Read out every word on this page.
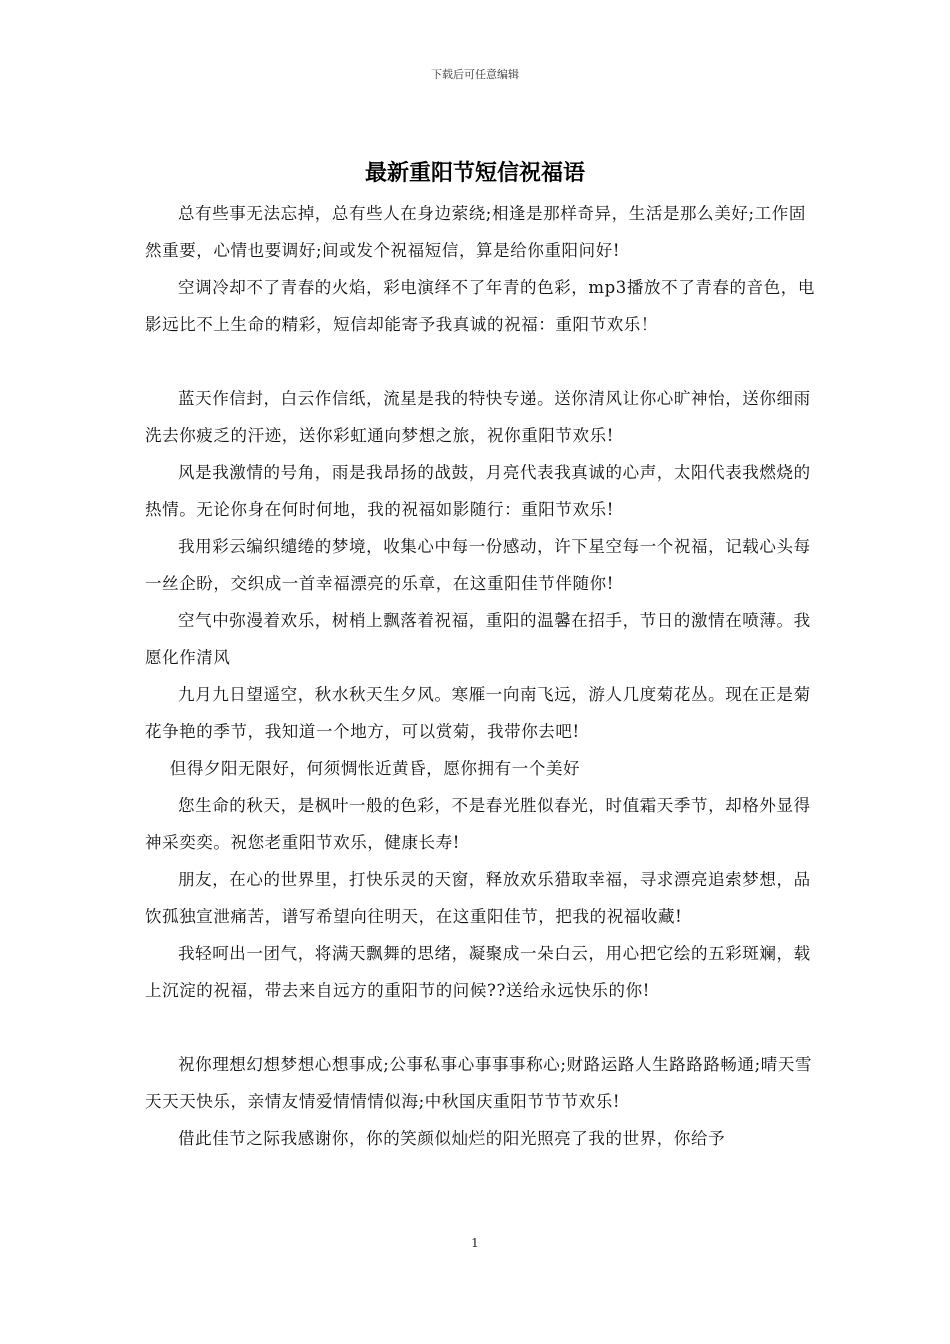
下载后可任意编辑
最新重阳节短信祝福语

总有些事无法忘掉，总有些人在身边萦绕;相逢是那样奇异，生活是那么美好;工作固然重要，心情也要调好;间或发个祝福短信，算是给你重阳问好!

空调冷却不了青春的火焰，彩电演绎不了年青的色彩，mp3播放不了青春的音色，电影远比不上生命的精彩，短信却能寄予我真诚的祝福：重阳节欢乐！

蓝天作信封，白云作信纸，流星是我的特快专递。送你清风让你心旷神怡，送你细雨洗去你疲乏的汗迹，送你彩虹通向梦想之旅，祝你重阳节欢乐!

风是我激情的号角，雨是我昂扬的战鼓，月亮代表我真诚的心声，太阳代表我燃烧的热情。无论你身在何时何地，我的祝福如影随行：重阳节欢乐!

我用彩云编织缱绻的梦境，收集心中每一份感动，许下星空每一个祝福，记载心头每一丝企盼，交织成一首幸福漂亮的乐章，在这重阳佳节伴随你!

空气中弥漫着欢乐，树梢上飘落着祝福，重阳的温馨在招手，节日的激情在喷薄。我愿化作清风

九月九日望遥空，秋水秋天生夕风。寒雁一向南飞远，游人几度菊花丛。现在正是菊花争艳的季节，我知道一个地方，可以赏菊，我带你去吧!

但得夕阳无限好，何须惆怅近黄昏，愿你拥有一个美好

您生命的秋天，是枫叶一般的色彩，不是春光胜似春光，时值霜天季节，却格外显得神采奕奕。祝您老重阳节欢乐，健康长寿!

朋友，在心的世界里，打快乐灵的天窗，释放欢乐猎取幸福，寻求漂亮追索梦想，品饮孤独宣泄痛苦，谱写希望向往明天，在这重阳佳节，把我的祝福收藏!

我轻呵出一团气，将满天飘舞的思绪，凝聚成一朵白云，用心把它绘的五彩斑斓，载上沉淀的祝福，带去来自远方的重阳节的问候??送给永远快乐的你!

祝你理想幻想梦想心想事成;公事私事心事事事称心;财路运路人生路路路畅通;晴天雪天天天快乐，亲情友情爱情情情似海;中秋国庆重阳节节节欢乐!

借此佳节之际我感谢你，你的笑颜似灿烂的阳光照亮了我的世界，你给予

1
